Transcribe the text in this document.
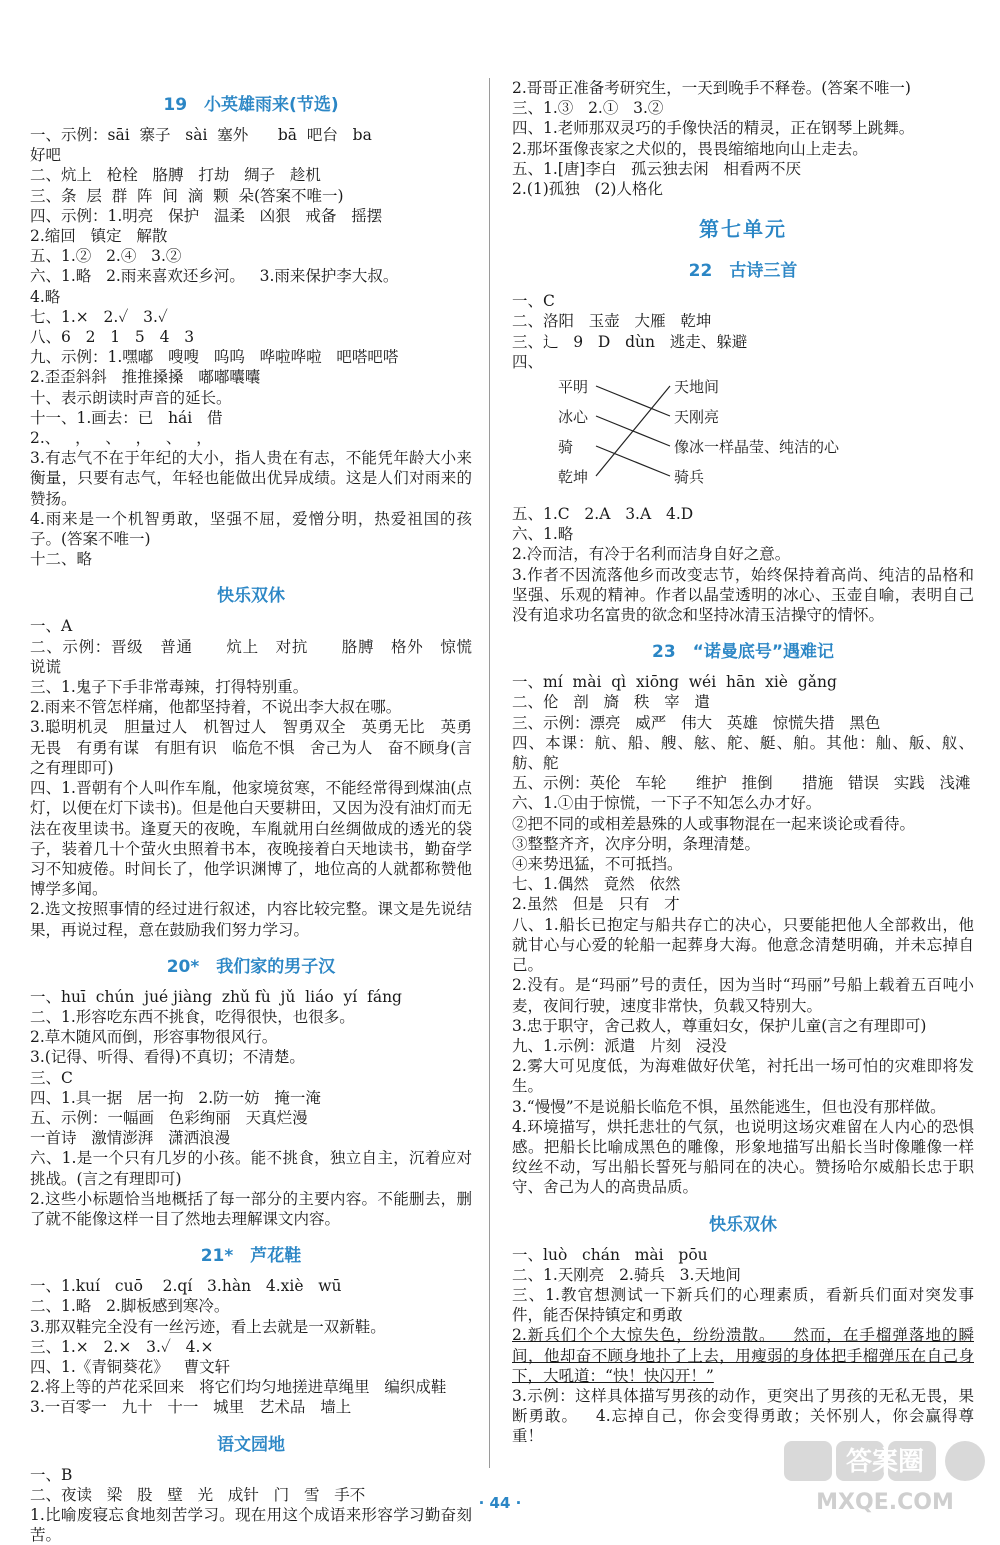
19　小英雄雨来(节选)
一、示例：sāi  寨子   sài  塞外      bā  吧台   ba
好吧
二、炕上   枪栓   胳膊   打劫   绸子   趁机
三、条  层  群  阵  间  滴  颗  朵(答案不唯一)
四、示例：1.明亮   保护   温柔   凶狠   戒备   摇摆
2.缩回   镇定   解散
五、1.②   2.④   3.②
六、1.略   2.雨来喜欢还乡河。   3.雨来保护李大叔。
4.略
七、1.×   2.✓   3.✓
八、6   2   1   5   4   3
九、示例：1.嘿嘟   嗖嗖   呜呜   哗啦哗啦   吧嗒吧嗒
2.歪歪斜斜   推推搡搡   嘟嘟囔囔
十、表示朗读时声音的延长。
十一、1.画去：已   hái   借
2.、   ，   、   ，   、   ，
3.有志气不在于年纪的大小，指人贵在有志，不能凭年龄大小来衡量，只要有志气，年轻也能做出优异成绩。这是人们对雨来的赞扬。
4.雨来是一个机智勇敢，坚强不屈，爱憎分明，热爱祖国的孩子。(答案不唯一)
十二、略
快乐双休
一、A
二、示例：晋级   普通      炕上   对抗      胳膊   格外   惊慌   说谎
三、1.鬼子下手非常毒辣，打得特别重。
2.雨来不管怎样痛，他都坚持着，不说出李大叔在哪。
3.聪明机灵   胆量过人   机智过人   智勇双全   英勇无比   英勇无畏   有勇有谋   有胆有识   临危不惧   舍己为人   奋不顾身(言之有理即可)
四、1.晋朝有个人叫作车胤，他家境贫寒，不能经常得到煤油(点灯，以便在灯下读书)。但是他白天要耕田，又因为没有油灯而无法在夜里读书。逢夏天的夜晚，车胤就用白丝绸做成的透光的袋子，装着几十个萤火虫照着书本，夜晚接着白天地读书，勤奋学习不知疲倦。时间长了，他学识渊博了，地位高的人就都称赞他博学多闻。
2.选文按照事情的经过进行叙述，内容比较完整。课文是先说结果，再说过程，意在鼓励我们努力学习。
20*　我们家的男子汉
一、huī  chún  jué jiàng  zhǔ fù  jǔ  liáo  yí  fáng
二、1.形容吃东西不挑食，吃得很快，也很多。
2.草木随风而倒，形容事物很风行。
3.(记得、听得、看得)不真切；不清楚。
三、C
四、1.具一据   居一拘   2.防一妨   掩一淹
五、示例：一幅画   色彩绚丽   天真烂漫
一首诗   激情澎湃   潇洒浪漫
六、1.是一个只有几岁的小孩。能不挑食，独立自主，沉着应对挑战。(言之有理即可)
2.这些小标题恰当地概括了每一部分的主要内容。不能删去，删了就不能像这样一目了然地去理解课文内容。
21*　芦花鞋
一、1.kuí   cuō    2.qí   3.hàn   4.xiè   wū
二、1.略   2.脚板感到寒冷。
3.那双鞋完全没有一丝污迹，看上去就是一双新鞋。
三、1.×   2.×   3.✓   4.×
四、1.《青铜葵花》   曹文轩
2.将上等的芦花采回来   将它们均匀地搓进草绳里   编织成鞋
3.一百零一   九十   十一   城里   艺术品   墙上
语文园地
一、B
二、夜读   梁   股   壁   光   成针   门   雪   手不
1.比喻废寝忘食地刻苦学习。现在用这个成语来形容学习勤奋刻苦。
2.哥哥正准备考研究生，一天到晚手不释卷。(答案不唯一)
三、1.③   2.①   3.②
四、1.老师那双灵巧的手像快活的精灵，正在钢琴上跳舞。
2.那坏蛋像丧家之犬似的，畏畏缩缩地向山上走去。
五、1.[唐]李白   孤云独去闲   相看两不厌
2.(1)孤独   (2)人格化
第七单元
22　古诗三首
一、C
二、洛阳   玉壶   大雁   乾坤
三、辶   9   D   dùn   逃走、躲避
四、
平明
冰心
骑
乾坤
天地间
天刚亮
像冰一样晶莹、纯洁的心
骑兵
五、1.C   2.A   3.A   4.D
六、1.略
2.冷而洁，有冷于名利而洁身自好之意。
3.作者不因流落他乡而改变志节，始终保持着高尚、纯洁的品格和坚强、乐观的精神。作者以晶莹透明的冰心、玉壶自喻，表明自己没有追求功名富贵的欲念和坚持冰清玉洁操守的情怀。
23　“诺曼底号”遇难记
一、mí  mài  qì  xiōng  wéi  hān  xiè  gǎng
二、伦   剖   旖   秩   宰   遣
三、示例：漂亮   威严   伟大   英雄   惊慌失措   黑色
四、本课：航、船、艘、舷、舵、艇、舶。其他：舢、舨、舣、舫、舵
五、示例：英伦   车轮      维护   推倒      措施   错误   实践   浅滩
六、1.①由于惊慌，一下子不知怎么办才好。
②把不同的或相差悬殊的人或事物混在一起来谈论或看待。
③整整齐齐，次序分明，条理清楚。
④来势迅猛，不可抵挡。
七、1.偶然   竟然   依然
2.虽然   但是   只有   才
八、1.船长已抱定与船共存亡的决心，只要能把他人全部救出，他就甘心与心爱的轮船一起葬身大海。他意念清楚明确，并未忘掉自己。
2.没有。是“玛丽”号的责任，因为当时“玛丽”号船上载着五百吨小麦，夜间行驶，速度非常快，负载又特别大。
3.忠于职守，舍己救人，尊重妇女，保护儿童(言之有理即可)
九、1.示例：派遣   片刻   浸没
2.雾大可见度低，为海难做好伏笔，衬托出一场可怕的灾难即将发生。
3.“慢慢”不是说船长临危不惧，虽然能逃生，但也没有那样做。
4.环境描写，烘托悲壮的气氛，也说明这场灾难留在人内心的恐惧感。把船长比喻成黑色的雕像，形象地描写出船长当时像雕像一样纹丝不动，写出船长誓死与船同在的决心。赞扬哈尔威船长忠于职守、舍己为人的高贵品质。
快乐双休
一、luò   chán   mài   pōu
二、1.天刚亮   2.骑兵   3.天地间
三、1.教官想测试一下新兵们的心理素质，看新兵们面对突发事件，能否保持镇定和勇敢
2.新兵们个个大惊失色，纷纷溃散。   然而，在手榴弹落地的瞬间，他却奋不顾身地扑了上去，用瘦弱的身体把手榴弹压在自己身下，大吼道：“快！快闪开！”
3.示例：这样具体描写男孩的动作，更突出了男孩的无私无畏，果断勇敢。   4.忘掉自己，你会变得勇敢；关怀别人，你会赢得尊重！
· 44 ·
答案圈
MXQE.COM
